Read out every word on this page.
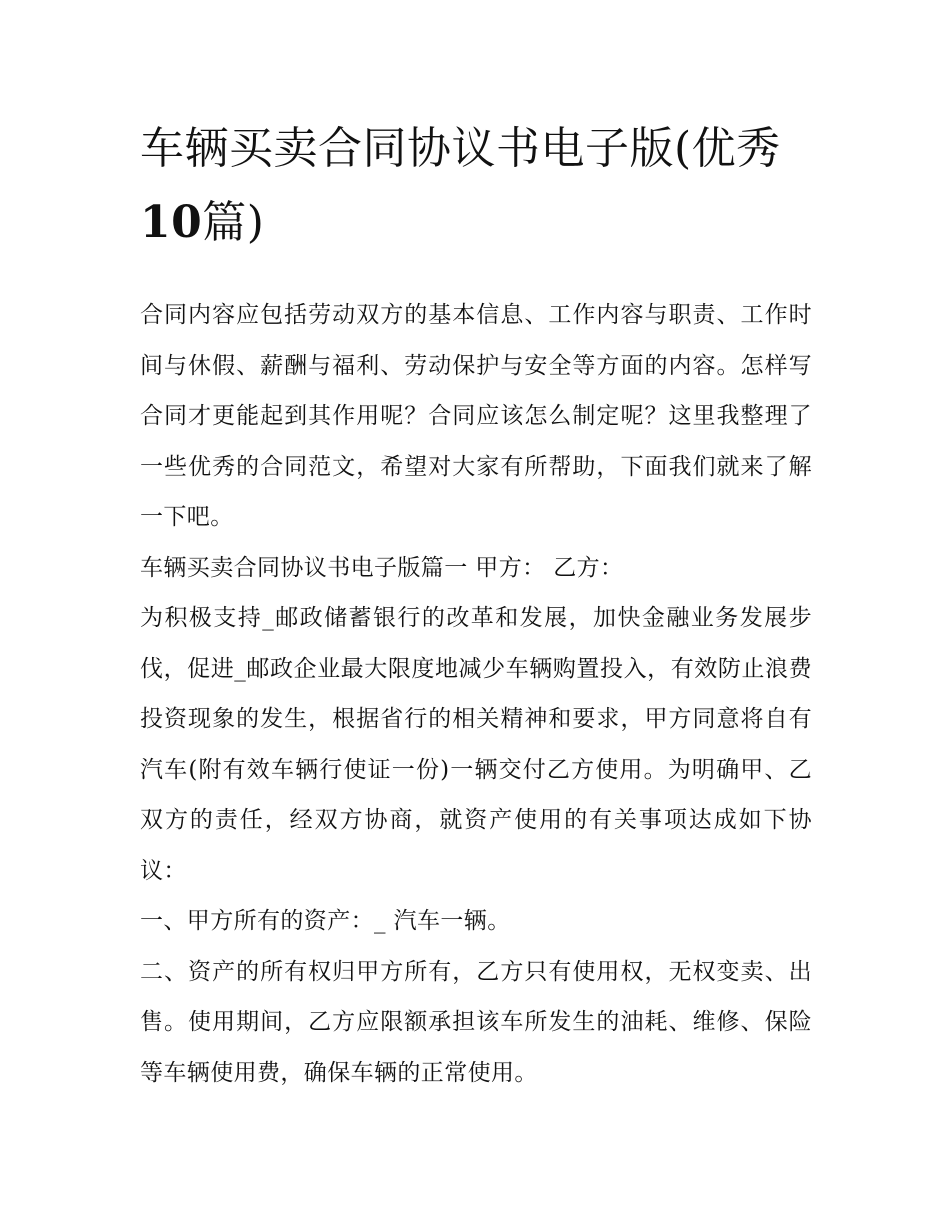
车辆买卖合同协议书电子版(优秀10篇)

合同内容应包括劳动双方的基本信息、工作内容与职责、工作时间与休假、薪酬与福利、劳动保护与安全等方面的内容。怎样写合同才更能起到其作用呢？合同应该怎么制定呢？这里我整理了一些优秀的合同范文，希望对大家有所帮助，下面我们就来了解一下吧。

车辆买卖合同协议书电子版篇一 甲方： 乙方：

为积极支持_邮政储蓄银行的改革和发展，加快金融业务发展步伐，促进_邮政企业最大限度地减少车辆购置投入，有效防止浪费投资现象的发生，根据省行的相关精神和要求，甲方同意将自有汽车(附有效车辆行使证一份)一辆交付乙方使用。为明确甲、乙双方的责任，经双方协商，就资产使用的有关事项达成如下协议：

一、甲方所有的资产：_ 汽车一辆。

二、资产的所有权归甲方所有，乙方只有使用权，无权变卖、出售。使用期间，乙方应限额承担该车所发生的油耗、维修、保险等车辆使用费，确保车辆的正常使用。
